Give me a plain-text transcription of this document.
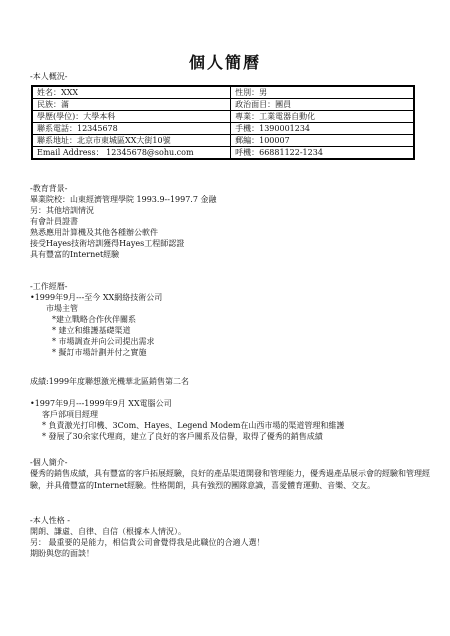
個人簡曆
-本人概況-
姓名：XXX	性別：男
民族：滿	政治面目：團員
學歷(學位)：大學本科	專業：工業電器自動化
聯系電話：12345678	手機：1390001234
聯系地址：北京市東城區XX大街10號	郵編：100007
Email Address： 12345678@sohu.com	呼機：66881122-1234
-教育背景-
畢業院校：山東經濟管理學院 1993.9--1997.7 金融
另：其他培訓情況
有會計員證書
熟悉應用計算機及其他各種辦公軟件
接受Hayes技術培訓獲得Hayes工程師認證
具有豐富的Internet經驗
-工作經曆-
•1999年9月---至今 XX網絡技術公司
市場主管
*建立戰略合作伙伴關系
* 建立和維護基礎渠道
* 市場調查并向公司提出需求
* 擬訂市場計劃并付之實施
成績:1999年度聯想激光機華北區銷售第二名
•1997年9月---1999年9月 XX電腦公司
客戶部項目經理
* 負責激光打印機、3Com、Hayes、Legend Modem在山西市場的渠道管理和維護
* 發展了30余家代理商，建立了良好的客戶關系及信譽，取得了優秀的銷售成績
-個人簡介-
優秀的銷售成績，具有豐富的客戶拓展經驗，良好的產品渠道開發和管理能力，優秀過產品展示會的經驗和管理經驗，并具備豐富的Internet經驗。性格開朗，具有強烈的團隊意識，喜愛體育運動、音樂、交友。
-本人性格 -
開朗、謙虛、自律、自信（根據本人情況）。
另： 最重要的是能力，相信貴公司會覺得我是此職位的合適人選！
期盼與您的面談！
